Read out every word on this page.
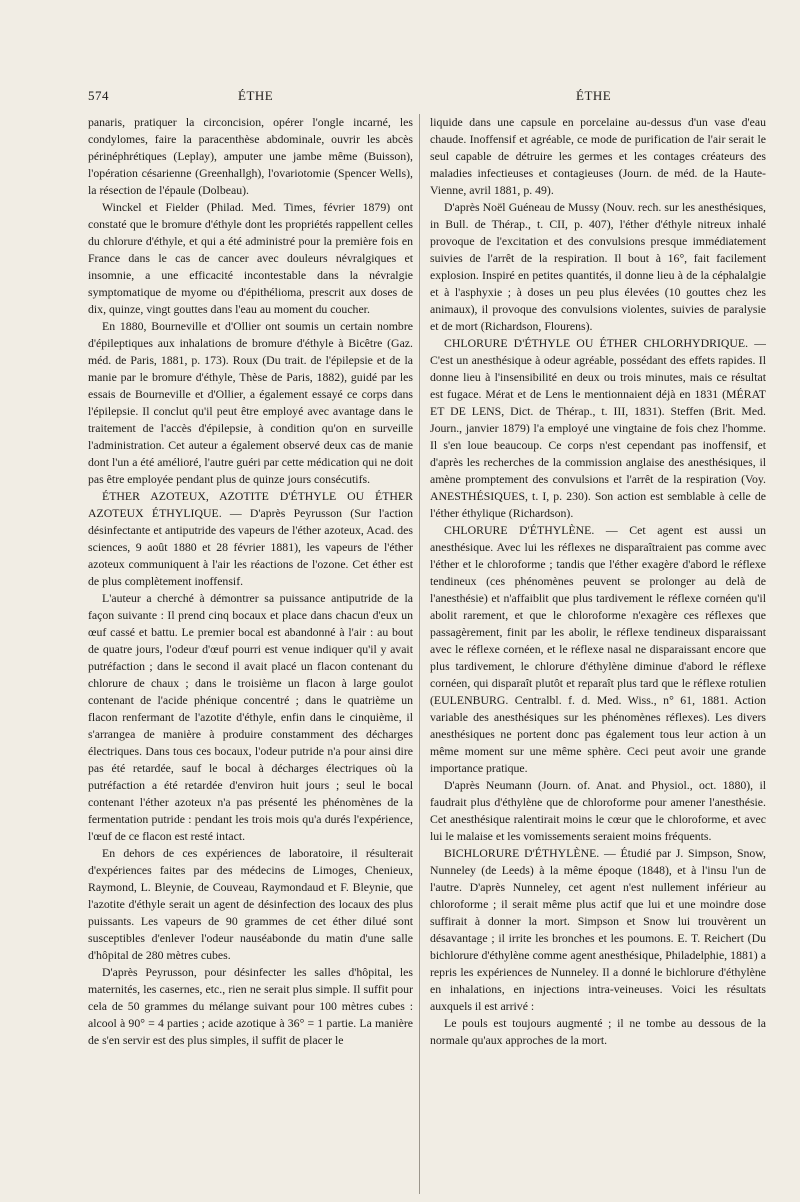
574	ÉTHE	ÉTHE

panaris, pratiquer la circoncision, opérer l'ongle incarné, les condylomes, faire la paracenthèse abdominale, ouvrir les abcès périnéphrétiques (Leplay), amputer une jambe même (Buisson), l'opération césarienne (Greenhallgh), l'ovariotomie (Spencer Wells), la résection de l'épaule (Dolbeau).

Winckel et Fielder (Philad. Med. Times, février 1879) ont constaté que le bromure d'éthyle dont les propriétés rappellent celles du chlorure d'éthyle, et qui a été administré pour la première fois en France dans le cas de cancer avec douleurs névralgiques et insomnie, a une efficacité incontestable dans la névralgie symptomatique de myome ou d'épithélioma, prescrit aux doses de dix, quinze, vingt gouttes dans l'eau au moment du coucher.

En 1880, Bourneville et d'Ollier ont soumis un certain nombre d'épileptiques aux inhalations de bromure d'éthyle à Bicêtre (Gaz. méd. de Paris, 1881, p. 173). Roux (Du trait. de l'épilepsie et de la manie par le bromure d'éthyle, Thèse de Paris, 1882), guidé par les essais de Bourneville et d'Ollier, a également essayé ce corps dans l'épilepsie. Il conclut qu'il peut être employé avec avantage dans le traitement de l'accès d'épilepsie, à condition qu'on en surveille l'administration. Cet auteur a également observé deux cas de manie dont l'un a été amélioré, l'autre guéri par cette médication qui ne doit pas être employée pendant plus de quinze jours consécutifs.

ÉTHER AZOTEUX, AZOTITE D'ÉTHYLE OU ÉTHER AZOTEUX ÉTHYLIQUE. — D'après Peyrusson (Sur l'action désinfectante et antiputride des vapeurs de l'éther azoteux, Acad. des sciences, 9 août 1880 et 28 février 1881), les vapeurs de l'éther azoteux communiquent à l'air les réactions de l'ozone. Cet éther est de plus complètement inoffensif.

L'auteur a cherché à démontrer sa puissance antiputride de la façon suivante : Il prend cinq bocaux et place dans chacun d'eux un œuf cassé et battu. Le premier bocal est abandonné à l'air : au bout de quatre jours, l'odeur d'œuf pourri est venue indiquer qu'il y avait putréfaction ; dans le second il avait placé un flacon contenant du chlorure de chaux ; dans le troisième un flacon à large goulot contenant de l'acide phénique concentré ; dans le quatrième un flacon renfermant de l'azotite d'éthyle, enfin dans le cinquième, il s'arrangea de manière à produire constamment des décharges électriques. Dans tous ces bocaux, l'odeur putride n'a pour ainsi dire pas été retardée, sauf le bocal à décharges électriques où la putréfaction a été retardée d'environ huit jours ; seul le bocal contenant l'éther azoteux n'a pas présenté les phénomènes de la fermentation putride : pendant les trois mois qu'a durés l'expérience, l'œuf de ce flacon est resté intact.

En dehors de ces expériences de laboratoire, il résulterait d'expériences faites par des médecins de Limoges, Chenieux, Raymond, L. Bleynie, de Couveau, Raymondaud et F. Bleynie, que l'azotite d'éthyle serait un agent de désinfection des locaux des plus puissants. Les vapeurs de 90 grammes de cet éther dilué sont susceptibles d'enlever l'odeur nauséabonde du matin d'une salle d'hôpital de 280 mètres cubes.

D'après Peyrusson, pour désinfecter les salles d'hôpital, les maternités, les casernes, etc., rien ne serait plus simple. Il suffit pour cela de 50 grammes du mélange suivant pour 100 mètres cubes : alcool à 90° = 4 parties ; acide azotique à 36° = 1 partie. La manière de s'en servir est des plus simples, il suffit de placer le

liquide dans une capsule en porcelaine au-dessus d'un vase d'eau chaude. Inoffensif et agréable, ce mode de purification de l'air serait le seul capable de détruire les germes et les contages créateurs des maladies infectieuses et contagieuses (Journ. de méd. de la Haute-Vienne, avril 1881, p. 49).

D'après Noël Guéneau de Mussy (Nouv. rech. sur les anesthésiques, in Bull. de Thérap., t. CII, p. 407), l'éther d'éthyle nitreux inhalé provoque de l'excitation et des convulsions presque immédiatement suivies de l'arrêt de la respiration. Il bout à 16°, fait facilement explosion. Inspiré en petites quantités, il donne lieu à de la céphalalgie et à l'asphyxie ; à doses un peu plus élevées (10 gouttes chez les animaux), il provoque des convulsions violentes, suivies de paralysie et de mort (Richardson, Flourens).

CHLORURE D'ÉTHYLE OU ÉTHER CHLORHYDRIQUE. — C'est un anesthésique à odeur agréable, possédant des effets rapides. Il donne lieu à l'insensibilité en deux ou trois minutes, mais ce résultat est fugace. Mérat et de Lens le mentionnaient déjà en 1831 (MÉRAT ET DE LENS, Dict. de Thérap., t. III, 1831). Steffen (Brit. Med. Journ., janvier 1879) l'a employé une vingtaine de fois chez l'homme. Il s'en loue beaucoup. Ce corps n'est cependant pas inoffensif, et d'après les recherches de la commission anglaise des anesthésiques, il amène promptement des convulsions et l'arrêt de la respiration (Voy. ANESTHÉSIQUES, t. I, p. 230). Son action est semblable à celle de l'éther éthylique (Richardson).

CHLORURE D'ÉTHYLÈNE. — Cet agent est aussi un anesthésique. Avec lui les réflexes ne disparaîtraient pas comme avec l'éther et le chloroforme ; tandis que l'éther exagère d'abord le réflexe tendineux (ces phénomènes peuvent se prolonger au delà de l'anesthésie) et n'affaiblit que plus tardivement le réflexe cornéen qu'il abolit rarement, et que le chloroforme n'exagère ces réflexes que passagèrement, finit par les abolir, le réflexe tendineux disparaissant avec le réflexe cornéen, et le réflexe nasal ne disparaissant encore que plus tardivement, le chlorure d'éthylène diminue d'abord le réflexe cornéen, qui disparaît plutôt et reparaît plus tard que le réflexe rotulien (EULENBURG. Centralbl. f. d. Med. Wiss., n° 61, 1881. Action variable des anesthésiques sur les phénomènes réflexes). Les divers anesthésiques ne portent donc pas également tous leur action à un même moment sur une même sphère. Ceci peut avoir une grande importance pratique.

D'après Neumann (Journ. of. Anat. and Physiol., oct. 1880), il faudrait plus d'éthylène que de chloroforme pour amener l'anesthésie. Cet anesthésique ralentirait moins le cœur que le chloroforme, et avec lui le malaise et les vomissements seraient moins fréquents.

BICHLORURE D'ÉTHYLÈNE. — Étudié par J. Simpson, Snow, Nunneley (de Leeds) à la même époque (1848), et à l'insu l'un de l'autre. D'après Nunneley, cet agent n'est nullement inférieur au chloroforme ; il serait même plus actif que lui et une moindre dose suffirait à donner la mort. Simpson et Snow lui trouvèrent un désavantage ; il irrite les bronches et les poumons. E. T. Reichert (Du bichlorure d'éthylène comme agent anesthésique, Philadelphie, 1881) a repris les expériences de Nunneley. Il a donné le bichlorure d'éthylène en inhalations, en injections intra-veineuses. Voici les résultats auxquels il est arrivé :

Le pouls est toujours augmenté ; il ne tombe au dessous de la normale qu'aux approches de la mort.
